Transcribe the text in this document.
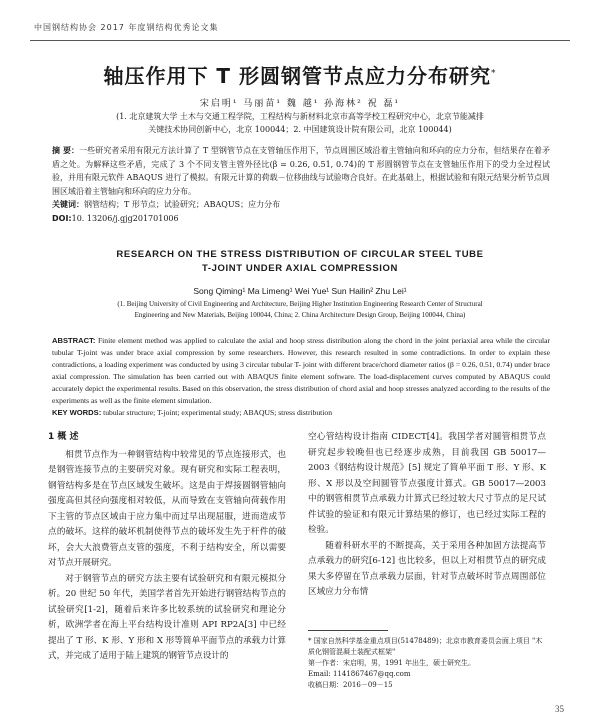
中国钢结构协会 2017 年度钢结构优秀论文集
轴压作用下 T 形圆钢管节点应力分布研究*
宋启明¹ 马丽苗¹ 魏 越¹ 孙海林² 祝 磊¹
(1. 北京建筑大学 土木与交通工程学院，工程结构与新材料北京市高等学校工程研究中心，北京节能减排
关键技术协同创新中心，北京 100044；2. 中国建筑设计院有限公司，北京 100044)
摘 要：一些研究者采用有限元方法计算了 T 型钢管节点在支管轴压作用下，节点周围区域沿着主管轴向和环向的应力分布，但结果存在着矛盾之处。为解释这些矛盾，完成了 3 个不同支管主管外径比(β = 0.26, 0.51, 0.74)的 T 形圆钢管节点在支管轴压作用下的受力全过程试验，并用有限元软件 ABAQUS 进行了模拟。有限元计算的荷载－位移曲线与试验吻合良好。在此基础上，根据试验和有限元结果分析节点周围区域沿着主管轴向和环向的应力分布。
关键词：钢管结构；T 形节点；试验研究；ABAQUS；应力分布
DOI:10. 13206/j.gjg201701006
RESEARCH ON THE STRESS DISTRIBUTION OF CIRCULAR STEEL TUBE
T-JOINT UNDER AXIAL COMPRESSION
Song Qiming¹ Ma Limeng¹ Wei Yue¹ Sun Hailin² Zhu Lei¹
(1. Beijing University of Civil Engineering and Architecture, Beijing Higher Institution Engineering Research Center of Structural
Engineering and New Materials, Beijing 100044, China; 2. China Architecture Design Group, Beijing 100044, China)
ABSTRACT: Finite element method was applied to calculate the axial and hoop stress distribution along the chord in the joint periaxial area while the circular tubular T-joint was under brace axial compression by some researchers. However, this research resulted in some contradictions. In order to explain these contradictions, a loading experiment was conducted by using 3 circular tubular T- joint with different brace/chord diameter ratios (β = 0.26, 0.51, 0.74) under brace axial compression. The simulation has been carried out with ABAQUS finite element software. The load-displacement curves computed by ABAQUS could accurately depict the experimental results. Based on this observation, the stress distribution of chord axial and hoop stresses analyzed according to the results of the experiments as well as the finite element simulation.
KEY WORDS: tubular structure; T-joint; experimental study; ABAQUS; stress distribution
1 概 述

相贯节点作为一种钢管结构中较常见的节点连接形式，也是钢管连接节点的主要研究对象。现有研究和实际工程表明，钢管结构多是在节点区域发生破坏。这是由于焊接圆钢管轴向强度高但其径向强度相对较低，从而导致在支管轴向荷载作用下主管的节点区域由于应力集中而过早出现屈服，进而造成节点的破坏。这样的破坏机制使得节点的破坏发生先于杆件的破坏，会大大浪费管点支管的强度，不利于结构安全，所以需要对节点开展研究。

对于钢管节点的研究方法主要有试验研究和有限元模拟分析。20 世纪 50 年代，美国学者首先开始进行钢管结构节点的试验研究[1-2]，随着后来许多比较系统的试验研究和理论分析，欧洲学者在海上平台结构设计准则 API RP2A[3] 中已经提出了 T 形、K 形、Y 形和 X 形等简单平面节点的承载力计算式，并完成了适用于陆上建筑的钢管节点设计的

空心管结构设计指南 CIDECT[4]。我国学者对圆管相贯节点研究起步较晚但也已经逐步成熟，目前我国 GB 50017—2003《钢结构设计规范》[5] 规定了简单平面 T 形、Y 形、K 形、X 形以及空间圆管节点强度计算式。GB 50017—2003 中的钢管相贯节点承载力计算式已经过较大尺寸节点的足尺试件试验的验证和有限元计算结果的修订，也已经过实际工程的检验。

随着科研水平的不断提高，关于采用各种加固方法提高节点承载力的研究[6-12] 也比较多，但以上对相贯节点的研究成果大多停留在节点承载力层面，针对节点破坏时节点周围部位区域应力分布情

* 国家自然科学基金重点项目(51478489)；北京市教育委员会面上项目 "木质化钢管混凝土装配式框架"
第一作者：宋启明，男，1991 年出生，硕士研究生。
Email: 1141867467@qq.com
收稿日期：2016－09－15
35
